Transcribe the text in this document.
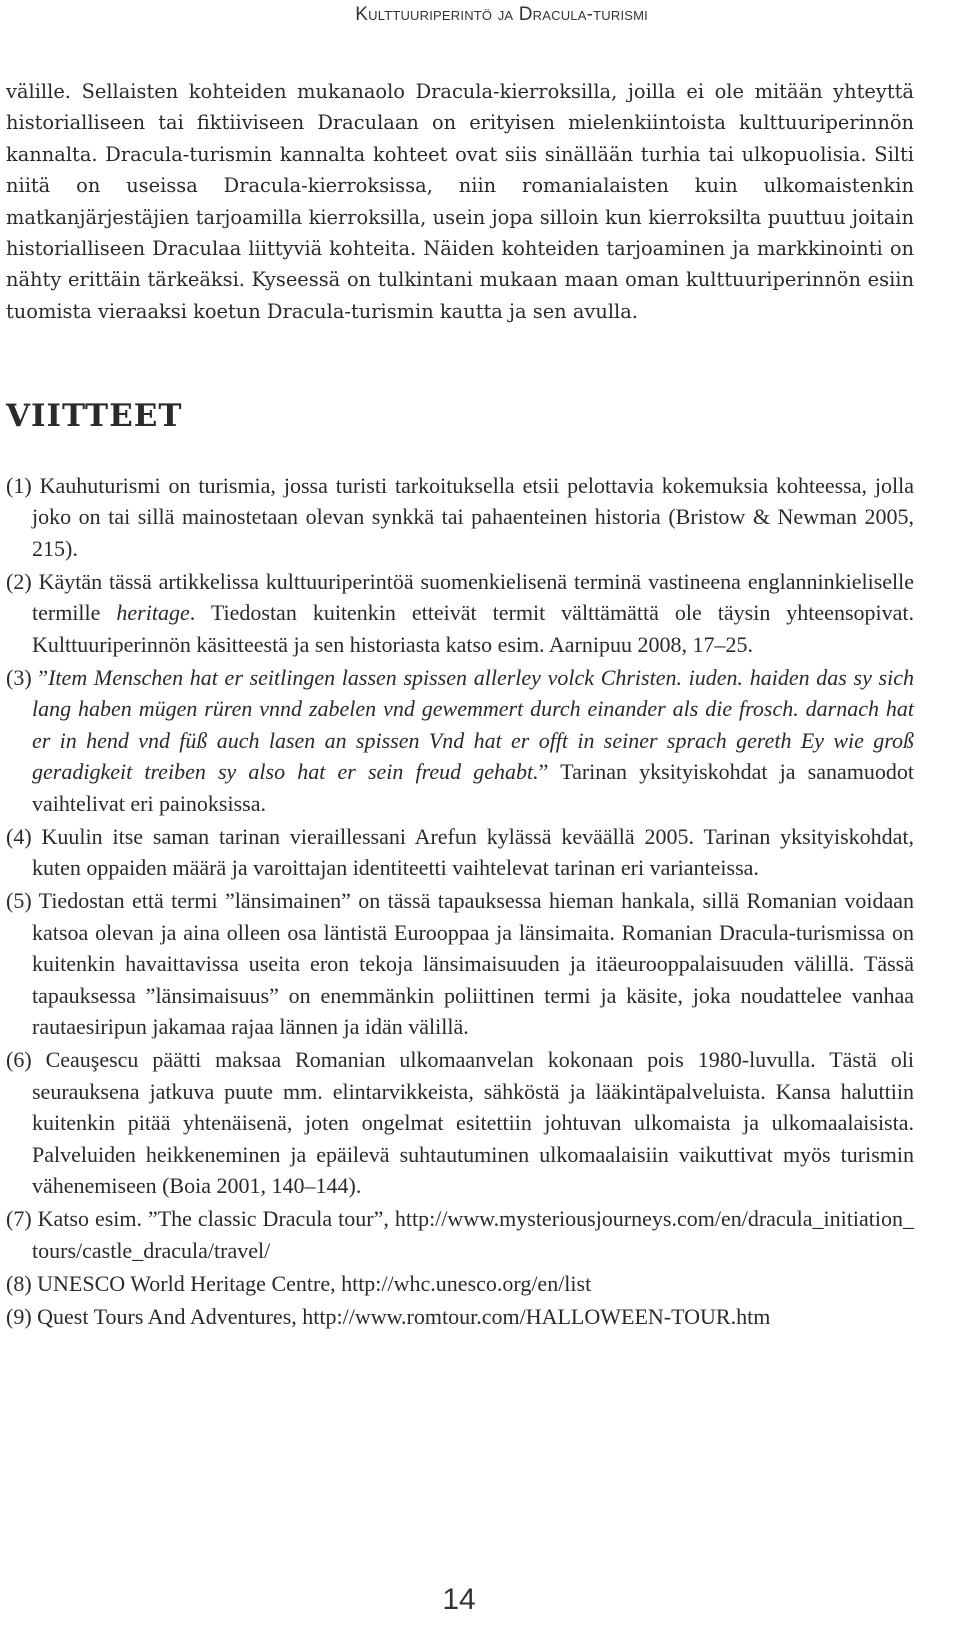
Kulttuuriperintö ja Dracula-turismi

välille. Sellaisten kohteiden mukanaolo Dracula-kierroksilla, joilla ei ole mitään yhteyttä historialliseen tai fiktiiviseen Draculaan on erityisen mielenkiintoista kulttuuriperinnön kannalta. Dracula-turismin kannalta kohteet ovat siis sinällään turhia tai ulkopuolisia. Silti niitä on useissa Dracula-kierroksissa, niin romanialaisten kuin ulkomaistenkin matkanjärjestäjien tarjoamilla kierroksilla, usein jopa silloin kun kierroksilta puuttuu joitain historialliseen Draculaa liittyviä kohteita. Näiden kohteiden tarjoaminen ja markkinointi on nähty erittäin tärkeäksi. Kyseessä on tulkintani mukaan maan oman kulttuuriperinnön esiin tuomista vieraaksi koetun Dracula-turismin kautta ja sen avulla.

VIITTEET
(1) Kauhuturismi on turismia, jossa turisti tarkoituksella etsii pelottavia kokemuksia kohteessa, jolla joko on tai sillä mainostetaan olevan synkkä tai pahaenteinen historia (Bristow & Newman 2005, 215).
(2) Käytän tässä artikkelissa kulttuuriperintöä suomenkielisenä terminä vastineena englanninkieliselle termille heritage. Tiedostan kuitenkin etteivät termit välttämättä ole täysin yhteensopivat. Kulttuuriperinnön käsitteestä ja sen historiasta katso esim. Aarnipuu 2008, 17–25.
(3) ”Item Menschen hat er seitlingen lassen spissen allerley volck Christen. iuden. haiden das sy sich lang haben mügen rüren vnnd zabelen vnd gewemmert durch einander als die frosch. darnach hat er in hend vnd füß auch lasen an spissen Vnd hat er offt in seiner sprach gereth Ey wie groß geradigkeit treiben sy also hat er sein freud gehabt.” Tarinan yksityiskohdat ja sanamuodot vaihtelivat eri painoksissa.
(4) Kuulin itse saman tarinan vieraillessani Arefun kylässä keväällä 2005. Tarinan yksityiskohdat, kuten oppaiden määrä ja varoittajan identiteetti vaihtelevat tarinan eri varianteissa.
(5) Tiedostan että termi ”länsimainen” on tässä tapauksessa hieman hankala, sillä Romanian voidaan katsoa olevan ja aina olleen osa läntistä Eurooppaa ja länsimaita. Romanian Dracula-turismissa on kuitenkin havaittavissa useita eron tekoja länsimaisuuden ja itäeurooppalaisuuden välillä. Tässä tapauksessa ”länsimaisuus” on enemmänkin poliittinen termi ja käsite, joka noudattelee vanhaa rautaesiripun jakamaa rajaa lännen ja idän välillä.
(6) Ceauşescu päätti maksaa Romanian ulkomaanvelan kokonaan pois 1980-luvulla. Tästä oli seurauksena jatkuva puute mm. elintarvikkeista, sähköstä ja lääkintäpalveluista. Kansa haluttiin kuitenkin pitää yhtenäisenä, joten ongelmat esitettiin johtuvan ulkomaista ja ulkomaalaisista. Palveluiden heikkeneminen ja epäilevä suhtautuminen ulkomaalaisiin vaikuttivat myös turismin vähenemiseen (Boia 2001, 140–144).
(7) Katso esim. ”The classic Dracula tour”, http://www.mysteriousjourneys.com/en/dracula_initiation_tours/castle_dracula/travel/
(8) UNESCO World Heritage Centre, http://whc.unesco.org/en/list
(9) Quest Tours And Adventures, http://www.romtour.com/HALLOWEEN-TOUR.htm
14
